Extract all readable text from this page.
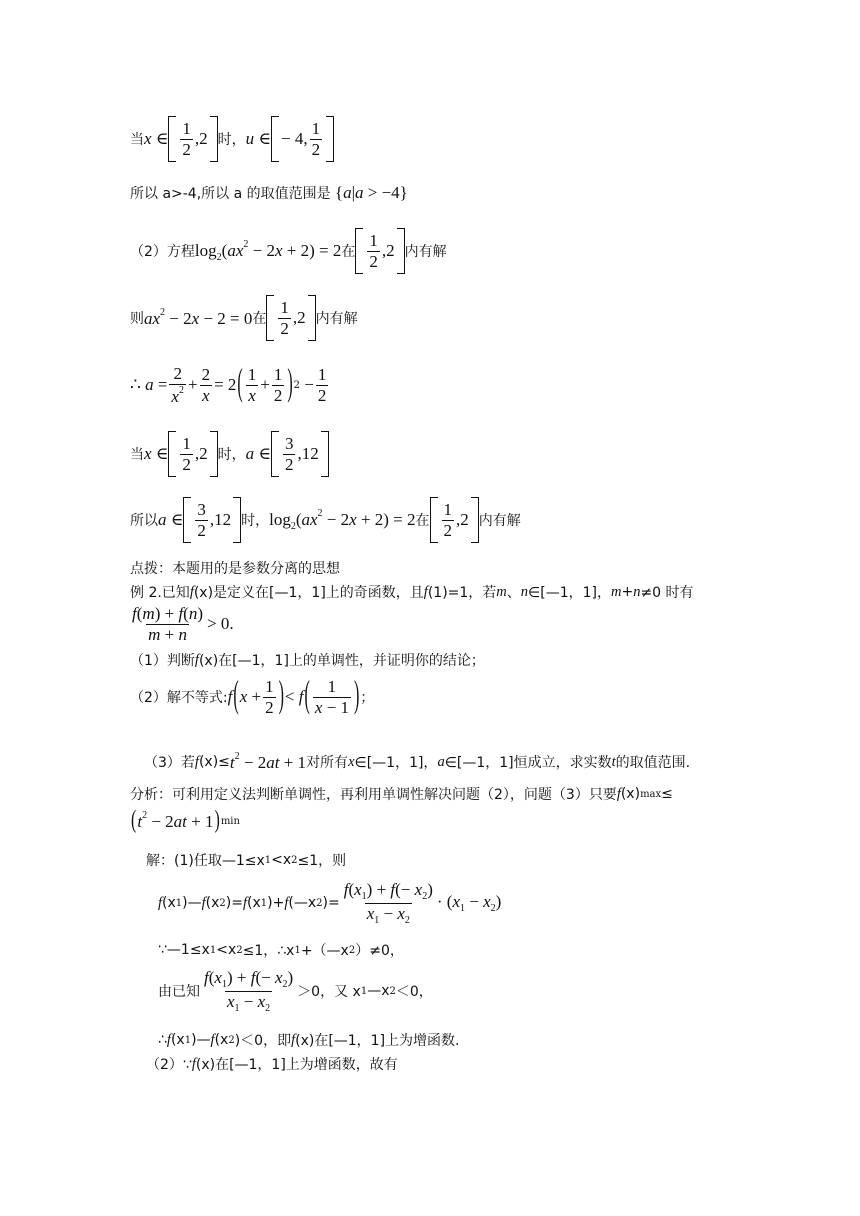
当 x ∈ $\frac{1}{2} ,2$ 时， u ∈ − 4, $\frac{1}{2}$
所以 a>-4,所以 a 的取值范围是 {a|a > −4}
（2）方程 $\log_2(ax^2 - 2x + 2) = 2$ 在 $\frac{1}{2} ,2$ 内有解
则 $ax^2 - 2x - 2 = 0$ 在 $\frac{1}{2} ,2$ 内有解
∴ $a = \frac{2}{x^2} + \frac{2}{x} = 2$ ( $\frac{1}{x} + \frac{1}{2}$ ) $2 - \frac{1}{2}$
当 x ∈ $\frac{1}{2} ,2$ 时， a ∈ $\frac{3}{2} ,12$
所以 a ∈ $\frac{3}{2} ,12$ 时， $\log_2(ax^2 - 2x + 2) = 2$ 在 $\frac{1}{2} ,2$ 内有解
点拨：本题用的是参数分离的思想
例 2.已知 f (x)是定义在[—1，1]上的奇函数，且 f (1)=1，若 m 、 n ∈[—1，1]， m + n ≠0 时有
$\frac{f(m) + f(n)}{m + n} > 0$.
（1）判断 f (x)在[—1，1]上的单调性，并证明你的结论；
（2）解不等式: f ( $x + \frac{1}{2}$ ) < f ( $\frac{1}{x - 1}$ ) ；
（3）若 f $(x)\le t^2 - 2at + 1$ 对所有 x ∈[—1，1]， a ∈[—1，1]恒成立，求实数 t 的取值范围.
分析：可利用定义法判断单调性，再利用单调性解决问题（2），问题（3）只要 f (x) max ≤
( $t^2 - 2at + 1$ ) min
解：(1)任取—1≤x 1 <x 2 ≤1，则
f (x 1 )— f (x 2 )= f (x 1 )+ f (—x 2 )= $\frac{f(x_1) + f(- x_2)}{x_1 - x_2} \cdot (x_1 - x_2)$
∵—1≤x 1 <x 2 ≤1，∴x 1 +（—x 2 ）≠0，
由已知 $\frac{f(x_1) + f(- x_2)}{x_1 - x_2} >0$，又 x 1 —x 2 ＜0，
∴ f (x 1 )— f (x 2 )＜0，即 f (x)在[—1，1]上为增函数.
（2）∵ f (x)在[—1，1]上为增函数，故有
